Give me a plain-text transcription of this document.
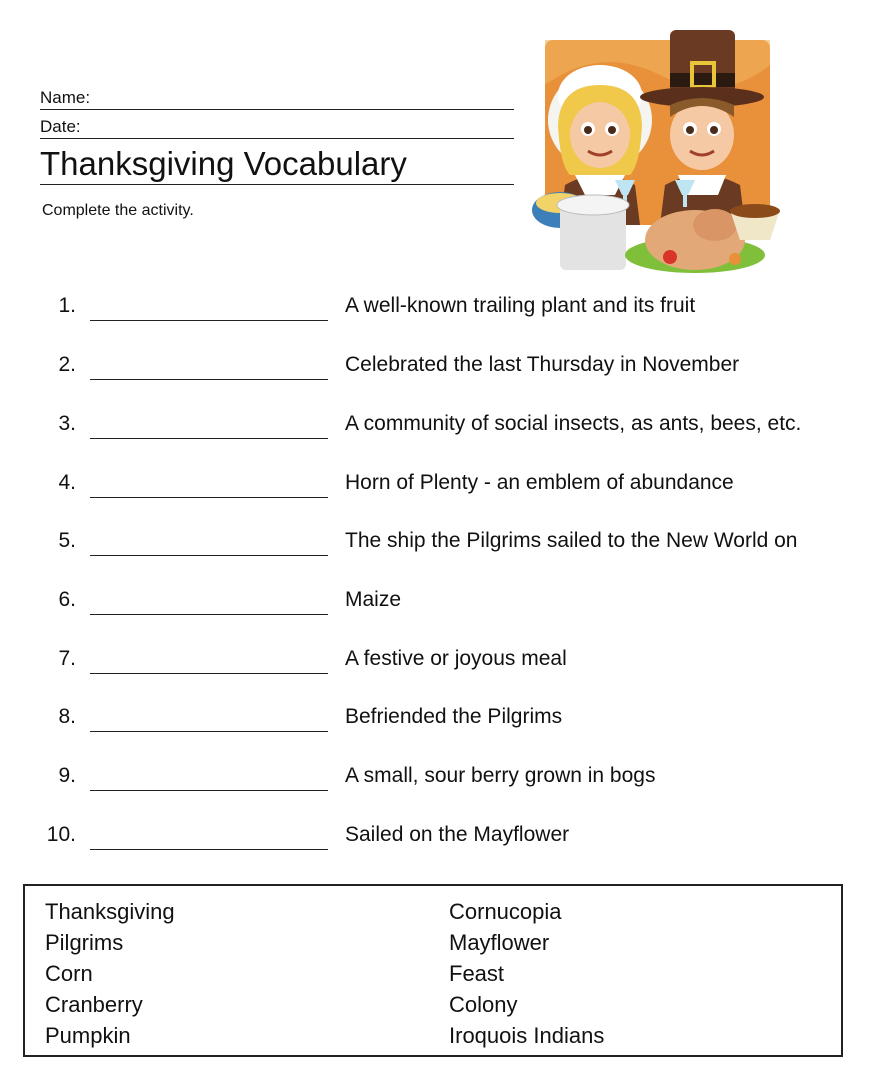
Name:
Date:
Thanksgiving Vocabulary
Complete the activity.
1.	A well-known trailing plant and its fruit
2.	Celebrated the last Thursday in November
3.	A community of social insects, as ants, bees, etc.
4.	Horn of Plenty - an emblem of abundance
5.	The ship the Pilgrims sailed to the New World on
6.	Maize
7.	A festive or joyous meal
8.	Befriended the Pilgrims
9.	A small, sour berry grown in bogs
10.	Sailed on the Mayflower
Thanksgiving
Pilgrims
Corn
Cranberry
Pumpkin
Cornucopia
Mayflower
Feast
Colony
Iroquois Indians
